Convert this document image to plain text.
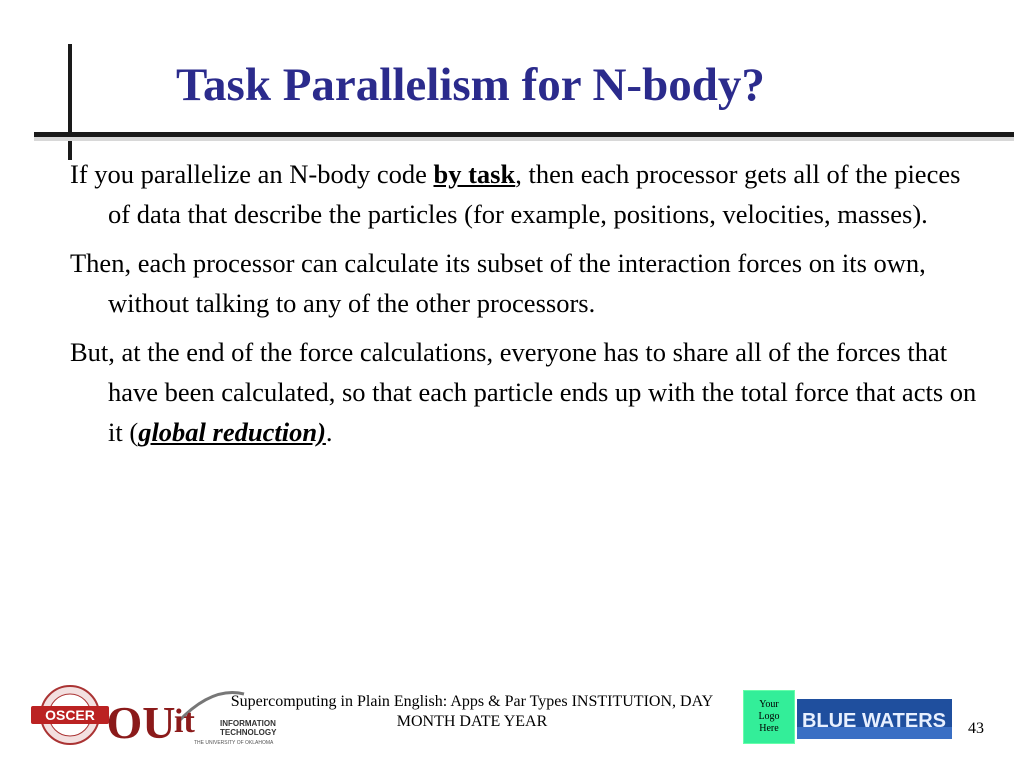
Task Parallelism for N-body?

If you parallelize an N-body code by task, then each processor gets all of the pieces of data that describe the particles (for example, positions, velocities, masses).

Then, each processor can calculate its subset of the interaction forces on its own, without talking to any of the other processors.

But, at the end of the force calculations, everyone has to share all of the forces that have been calculated, so that each particle ends up with the total force that acts on it (global reduction).

OSCER OU
it	INFORMATION
TECHNOLOGY
THE UNIVERSITY OF OKLAHOMA
Supercomputing in Plain English: Apps & Par Types INSTITUTION, DAY
MONTH DATE YEAR
Your
Logo
Here BLUE WATERS 43
